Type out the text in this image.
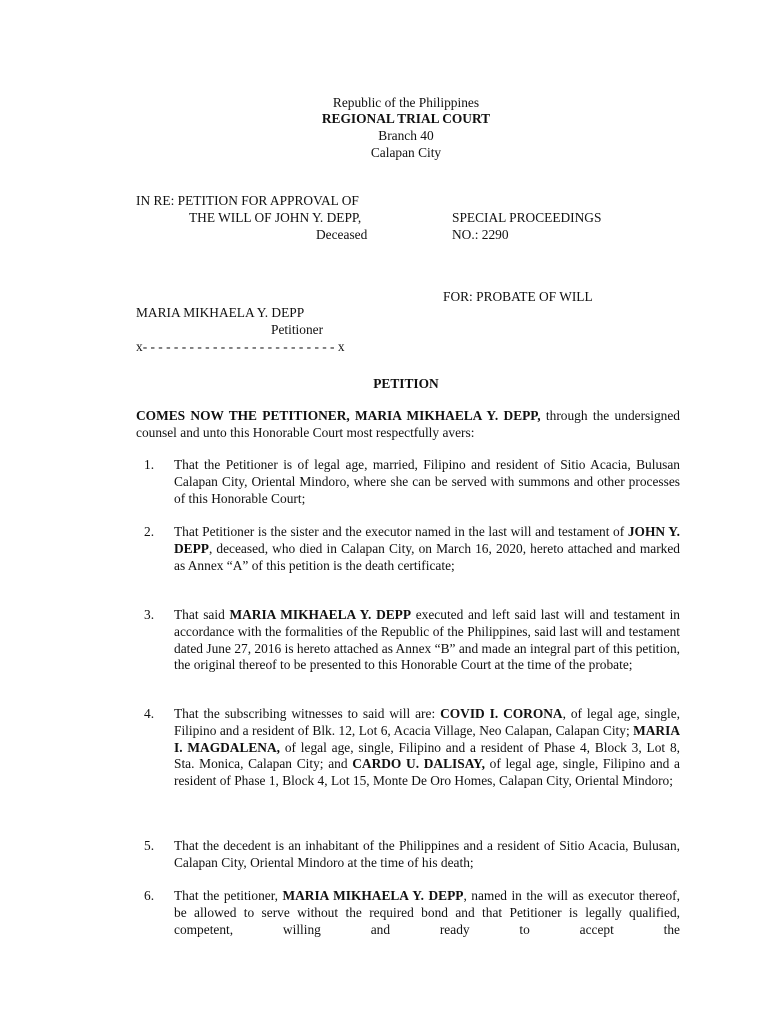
Republic of the Philippines
REGIONAL TRIAL COURT
Branch 40
Calapan City
IN RE: PETITION FOR APPROVAL OF
THE WILL OF JOHN Y. DEPP,
Deceased
SPECIAL PROCEEDINGS
NO.: 2290
FOR: PROBATE OF WILL
MARIA MIKHAELA Y. DEPP
Petitioner
x- - - - - - - - - - - - - - - - - - - - - - - - - x
PETITION
COMES NOW THE PETITIONER, MARIA MIKHAELA Y. DEPP, through the undersigned counsel and unto this Honorable Court most respectfully avers:
1. That the Petitioner is of legal age, married, Filipino and resident of Sitio Acacia, Bulusan Calapan City, Oriental Mindoro, where she can be served with summons and other processes of this Honorable Court;
2. That Petitioner is the sister and the executor named in the last will and testament of JOHN Y. DEPP, deceased, who died in Calapan City, on March 16, 2020, hereto attached and marked as Annex “A” of this petition is the death certificate;
3. That said MARIA MIKHAELA Y. DEPP executed and left said last will and testament in accordance with the formalities of the Republic of the Philippines, said last will and testament dated June 27, 2016 is hereto attached as Annex “B” and made an integral part of this petition, the original thereof to be presented to this Honorable Court at the time of the probate;
4. That the subscribing witnesses to said will are: COVID I. CORONA, of legal age, single, Filipino and a resident of Blk. 12, Lot 6, Acacia Village, Neo Calapan, Calapan City; MARIA I. MAGDALENA, of legal age, single, Filipino and a resident of Phase 4, Block 3, Lot 8, Sta. Monica, Calapan City; and CARDO U. DALISAY, of legal age, single, Filipino and a resident of Phase 1, Block 4, Lot 15, Monte De Oro Homes, Calapan City, Oriental Mindoro;
5. That the decedent is an inhabitant of the Philippines and a resident of Sitio Acacia, Bulusan, Calapan City, Oriental Mindoro at the time of his death;
6. That the petitioner, MARIA MIKHAELA Y. DEPP, named in the will as executor thereof, be allowed to serve without the required bond and that Petitioner is legally qualified, competent, willing and ready to accept the
